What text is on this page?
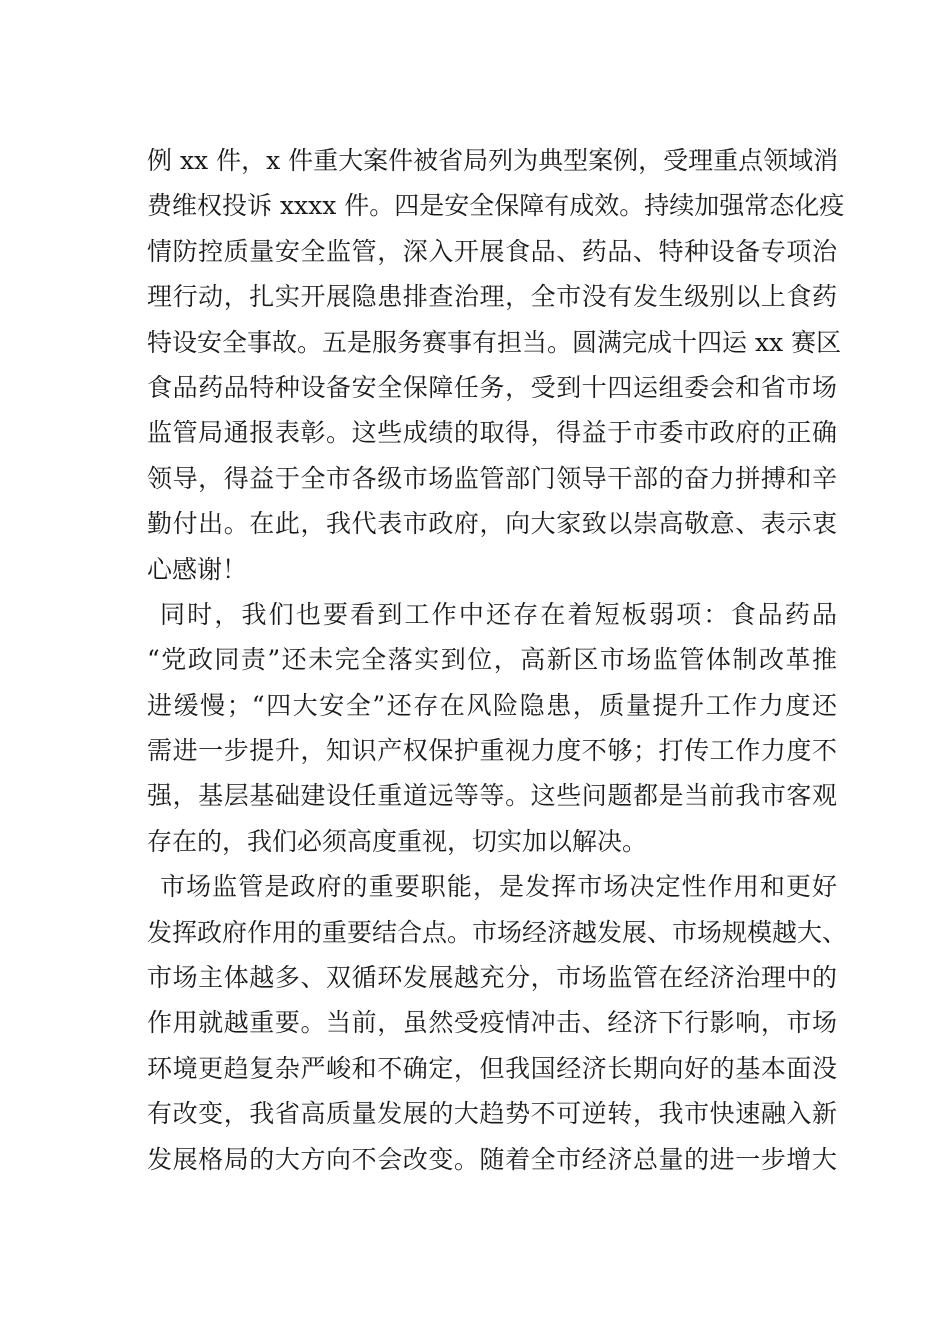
例 xx 件，x 件重大案件被省局列为典型案例，受理重点领域消
费维权投诉 xxxx 件。四是安全保障有成效。持续加强常态化疫
情防控质量安全监管，深入开展食品、药品、特种设备专项治
理行动，扎实开展隐患排查治理，全市没有发生级别以上食药
特设安全事故。五是服务赛事有担当。圆满完成十四运 xx 赛区
食品药品特种设备安全保障任务，受到十四运组委会和省市场
监管局通报表彰。这些成绩的取得，得益于市委市政府的正确
领导，得益于全市各级市场监管部门领导干部的奋力拼搏和辛
勤付出。在此，我代表市政府，向大家致以崇高敬意、表示衷
心感谢！
同时，我们也要看到工作中还存在着短板弱项：食品药品
“党政同责”还未完全落实到位，高新区市场监管体制改革推
进缓慢；“四大安全”还存在风险隐患，质量提升工作力度还
需进一步提升，知识产权保护重视力度不够；打传工作力度不
强，基层基础建设任重道远等等。这些问题都是当前我市客观
存在的，我们必须高度重视，切实加以解决。
市场监管是政府的重要职能，是发挥市场决定性作用和更好
发挥政府作用的重要结合点。市场经济越发展、市场规模越大、
市场主体越多、双循环发展越充分，市场监管在经济治理中的
作用就越重要。当前，虽然受疫情冲击、经济下行影响，市场
环境更趋复杂严峻和不确定，但我国经济长期向好的基本面没
有改变，我省高质量发展的大趋势不可逆转，我市快速融入新
发展格局的大方向不会改变。随着全市经济总量的进一步增大
